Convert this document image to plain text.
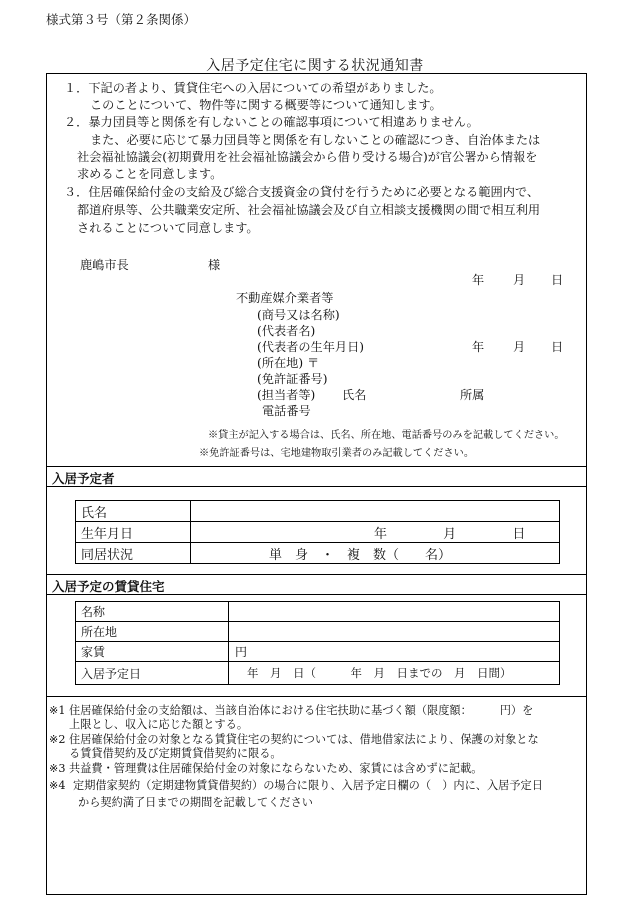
様式第３号（第２条関係）
入居予定住宅に関する状況通知書
１．下記の者より、賃貸住宅への入居についての希望がありました。
このことについて、物件等に関する概要等について通知します。
２．暴力団員等と関係を有しないことの確認事項について相違ありません。
また、必要に応じて暴力団員等と関係を有しないことの確認につき、自治体または
社会福祉協議会(初期費用を社会福祉協議会から借り受ける場合)が官公署から情報を
求めることを同意します。
３．住居確保給付金の支給及び総合支援資金の貸付を行うために必要となる範囲内で、
都道府県等、公共職業安定所、社会福祉協議会及び自立相談支援機関の間で相互利用
されることについて同意します。
鹿嶋市長	様
年 月 日
不動産媒介業者等
(商号又は名称)
(代表者名)
(代表者の生年月日)	年 月 日
(所在地) 〒
(免許証番号)
(担当者等) 氏名	所属
電話番号
※貸主が記入する場合は、氏名、所在地、電話番号のみを記載してください。
※免許証番号は、宅地建物取引業者のみ記載してください。
入居予定者
氏名	
生年月日	年 月 日
同居状況	単　身　・　複　数（　　名）
入居予定の賃貸住宅
名称	
所在地	
家賃	円
入居予定日	年　月　日（　　　年　月　日までの　月　日間）
※1 住居確保給付金の支給額は、当該自治体における住宅扶助に基づく額（限度額：　　　円）を
上限とし、収入に応じた額とする。
※2 住居確保給付金の対象となる賃貸住宅の契約については、借地借家法により、保護の対象とな
る賃貸借契約及び定期賃貸借契約に限る。
※3 共益費・管理費は住居確保給付金の対象にならないため、家賃には含めずに記載。
※4 定期借家契約（定期建物賃貸借契約）の場合に限り、入居予定日欄の（　）内に、入居予定日
から契約満了日までの期間を記載してください
